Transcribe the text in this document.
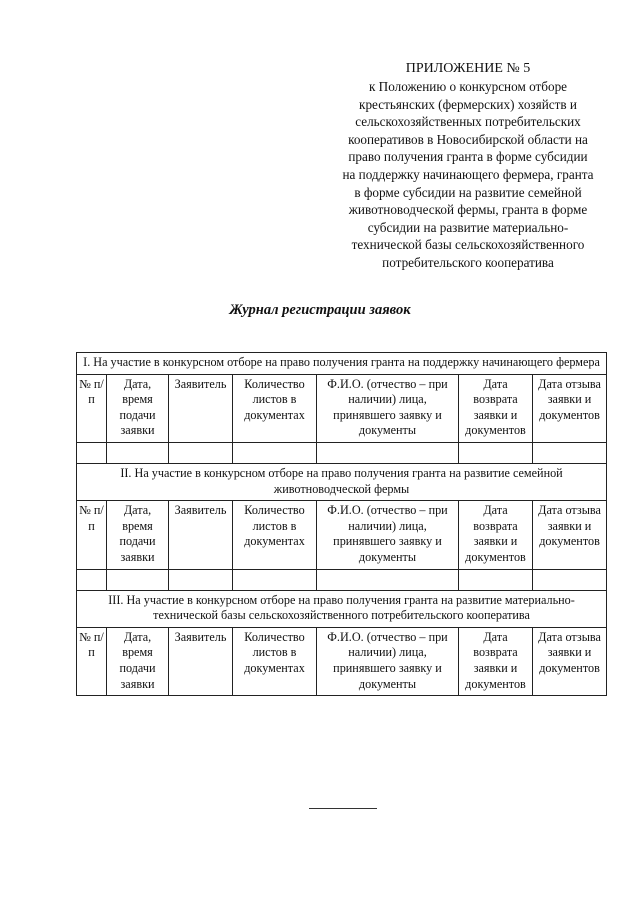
ПРИЛОЖЕНИЕ № 5
к Положению о конкурсном отборе
крестьянских (фермерских) хозяйств и
сельскохозяйственных потребительских
кооперативов в Новосибирской области на
право получения гранта в форме субсидии
на поддержку начинающего фермера, гранта
в форме субсидии на развитие семейной
животноводческой фермы, гранта в форме
субсидии на развитие материально-
технической базы сельскохозяйственного
потребительского кооператива
Журнал регистрации заявок
I. На участие в конкурсном отборе на право получения гранта на поддержку начинающего фермера						
№ п/п	Дата, время подачи заявки	Заявитель	Количество листов в документах	Ф.И.О. (отчество – при наличии) лица, принявшего заявку и документы	Дата возврата заявки и документов	Дата отзыва заявки и документов

II. На участие в конкурсном отборе на право получения гранта на развитие семейной животноводческой фермы						
№ п/п	Дата, время подачи заявки	Заявитель	Количество листов в документах	Ф.И.О. (отчество – при наличии) лица, принявшего заявку и документы	Дата возврата заявки и документов	Дата отзыва заявки и документов

III. На участие в конкурсном отборе на право получения гранта на развитие материально-технической базы сельскохозяйственного потребительского кооператива						
№ п/п	Дата, время подачи заявки	Заявитель	Количество листов в документах	Ф.И.О. (отчество – при наличии) лица, принявшего заявку и документы	Дата возврата заявки и документов	Дата отзыва заявки и документов
